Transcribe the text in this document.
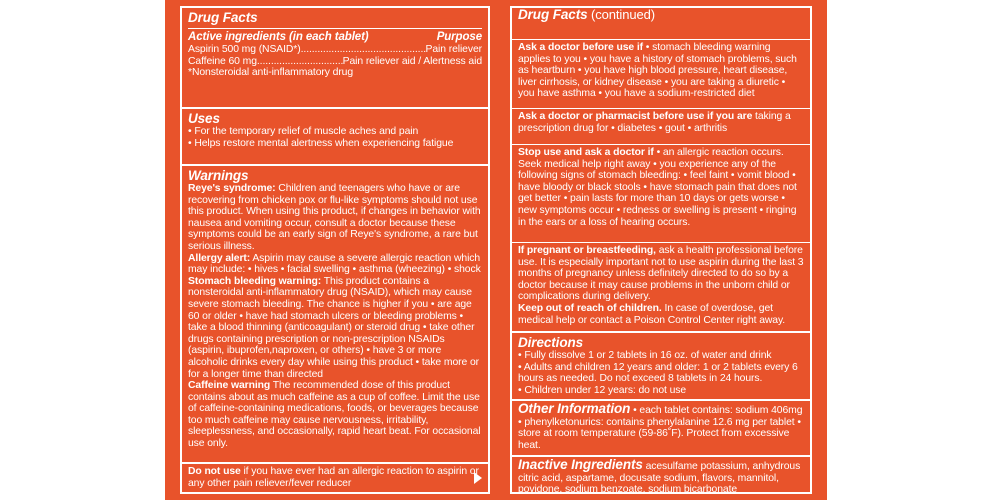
Drug Facts
Active ingredients (in each tablet)	Purpose
Aspirin 500 mg (NSAID*) .....	Pain reliever
Caffeine 60 mg .....	Pain reliever aid / Alertness aid

*Nonsteroidal anti-inflammatory drug

Uses
• For the temporary relief of muscle aches and pain
• Helps restore mental alertness when experiencing fatigue
Warnings

Reye's syndrome: Children and teenagers who have or are recovering from chicken pox or flu-like symptoms should not use this product. When using this product, if changes in behavior with nausea and vomiting occur, consult a doctor because these symptoms could be an early sign of Reye's syndrome, a rare but serious illness.

Allergy alert: Aspirin may cause a severe allergic reaction which may include: • hives • facial swelling • asthma (wheezing) • shock

Stomach bleeding warning: This product contains a nonsteroidal anti-inflammatory drug (NSAID), which may cause severe stomach bleeding. The chance is higher if you • are age 60 or older • have had stomach ulcers or bleeding problems • take a blood thinning (anticoagulant) or steroid drug • take other drugs containing prescription or non-prescription NSAIDs (aspirin, ibuprofen,naproxen, or others) • have 3 or more alcoholic drinks every day while using this product • take more or for a longer time than directed

Caffeine warning The recommended dose of this product contains about as much caffeine as a cup of coffee. Limit the use of caffeine-containing medications, foods, or beverages because too much caffeine may cause nervousness, irritability, sleeplessness, and occasionally, rapid heart beat. For occasional use only.

Do not use if you have ever had an allergic reaction to aspirin or any other pain reliever/fever reducer

Drug Facts (continued)

Ask a doctor before use if • stomach bleeding warning applies to you • you have a history of stomach problems, such as heartburn • you have high blood pressure, heart disease, liver cirrhosis, or kidney disease • you are taking a diuretic • you have asthma • you have a sodium-restricted diet

Ask a doctor or pharmacist before use if you are taking a prescription drug for • diabetes • gout • arthritis

Stop use and ask a doctor if • an allergic reaction occurs. Seek medical help right away • you experience any of the following signs of stomach bleeding: • feel faint • vomit blood • have bloody or black stools • have stomach pain that does not get better • pain lasts for more than 10 days or gets worse • new symptoms occur • redness or swelling is present • ringing in the ears or a loss of hearing occurs.

If pregnant or breastfeeding, ask a health professional before use. It is especially important not to use aspirin during the last 3 months of pregnancy unless definitely directed to do so by a doctor because it may cause problems in the unborn child or complications during delivery.

Keep out of reach of children. In case of overdose, get medical help or contact a Poison Control Center right away.

Directions
• Fully dissolve 1 or 2 tablets in 16 oz. of water and drink
• Adults and children 12 years and older: 1 or 2 tablets every 6 hours as needed. Do not exceed 8 tablets in 24 hours.
• Children under 12 years: do not use

Other Information • each tablet contains: sodium 406mg • phenylketonurics: contains phenylalanine 12.6 mg per tablet • store at room temperature (59-86˚F). Protect from excessive heat.

Inactive Ingredients acesulfame potassium, anhydrous citric acid, aspartame, docusate sodium, flavors, mannitol, povidone, sodium benzoate, sodium bicarbonate
